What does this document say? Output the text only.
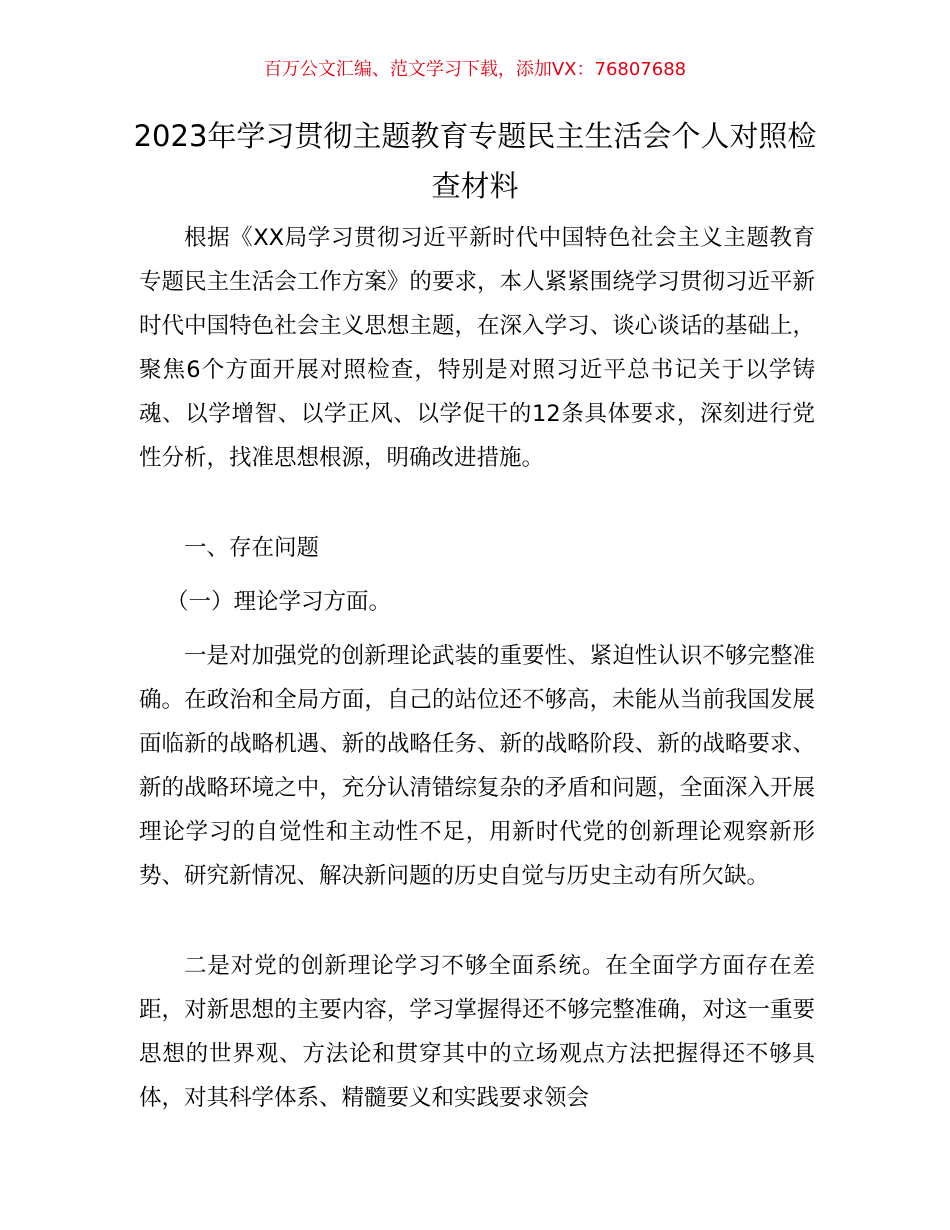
百万公文汇编、范文学习下载，添加VX：76807688
2023年学习贯彻主题教育专题民主生活会个人对照检查材料

根据《XX局学习贯彻习近平新时代中国特色社会主义主题教育专题民主生活会工作方案》的要求，本人紧紧围绕学习贯彻习近平新时代中国特色社会主义思想主题，在深入学习、谈心谈话的基础上，聚焦6个方面开展对照检查，特别是对照习近平总书记关于以学铸魂、以学增智、以学正风、以学促干的12条具体要求，深刻进行党性分析，找准思想根源，明确改进措施。

一、存在问题

（一）理论学习方面。

一是对加强党的创新理论武装的重要性、紧迫性认识不够完整准确。在政治和全局方面，自己的站位还不够高，未能从当前我国发展面临新的战略机遇、新的战略任务、新的战略阶段、新的战略要求、新的战略环境之中，充分认清错综复杂的矛盾和问题，全面深入开展理论学习的自觉性和主动性不足，用新时代党的创新理论观察新形势、研究新情况、解决新问题的历史自觉与历史主动有所欠缺。

二是对党的创新理论学习不够全面系统。在全面学方面存在差距，对新思想的主要内容，学习掌握得还不够完整准确，对这一重要思想的世界观、方法论和贯穿其中的立场观点方法把握得还不够具体，对其科学体系、精髓要义和实践要求领会
